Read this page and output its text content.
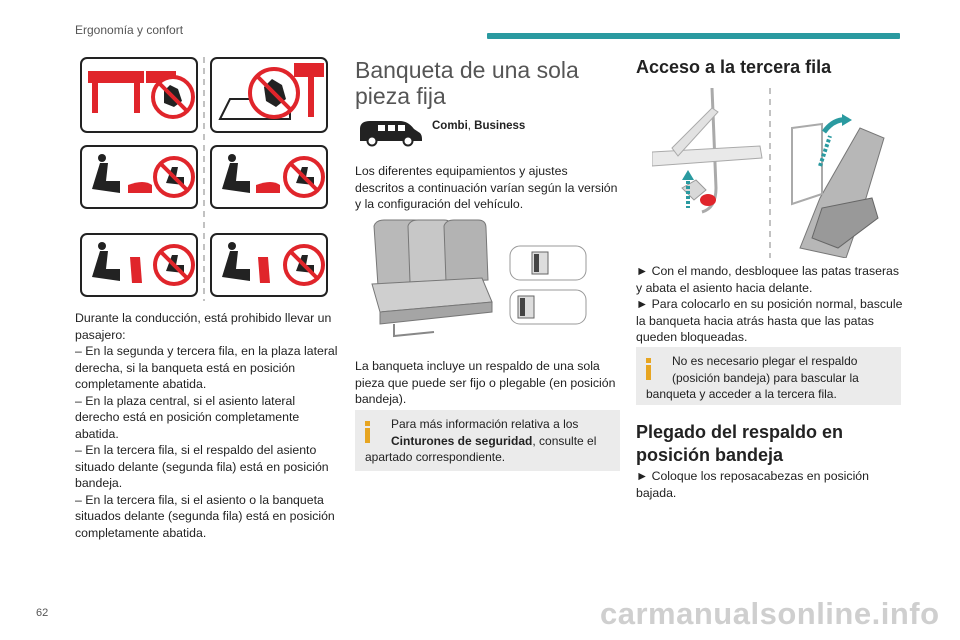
Ergonomía y confort

Durante la conducción, está prohibido llevar un pasajero:

– En la segunda y tercera fila, en la plaza lateral derecha, si la banqueta está en posición completamente abatida.

– En la plaza central, si el asiento lateral derecho está en posición completamente abatida.

– En la tercera fila, si el respaldo del asiento situado delante (segunda fila) está en posición bandeja.

– En la tercera fila, si el asiento o la banqueta situados delante (segunda fila) está en posición completamente abatida.

Banqueta de una sola
pieza fija
Combi, Business
Los diferentes equipamientos y ajustes descritos a continuación varían según la versión y la configuración del vehículo.
La banqueta incluye un respaldo de una sola pieza que puede ser fijo o plegable (en posición bandeja).
Para más información relativa a los
Cinturones de seguridad, consulte el
apartado correspondiente.
Acceso a la tercera fila

► Con el mando, desbloquee las patas traseras y abata el asiento hacia delante.

► Para colocarlo en su posición normal, bascule la banqueta hacia atrás hasta que las patas queden bloqueadas.

No es necesario plegar el respaldo
(posición bandeja) para bascular la
banqueta y acceder a la tercera fila.
Plegado del respaldo en
posición bandeja
► Coloque los reposacabezas en posición bajada.
62	carmanualsonline.info
